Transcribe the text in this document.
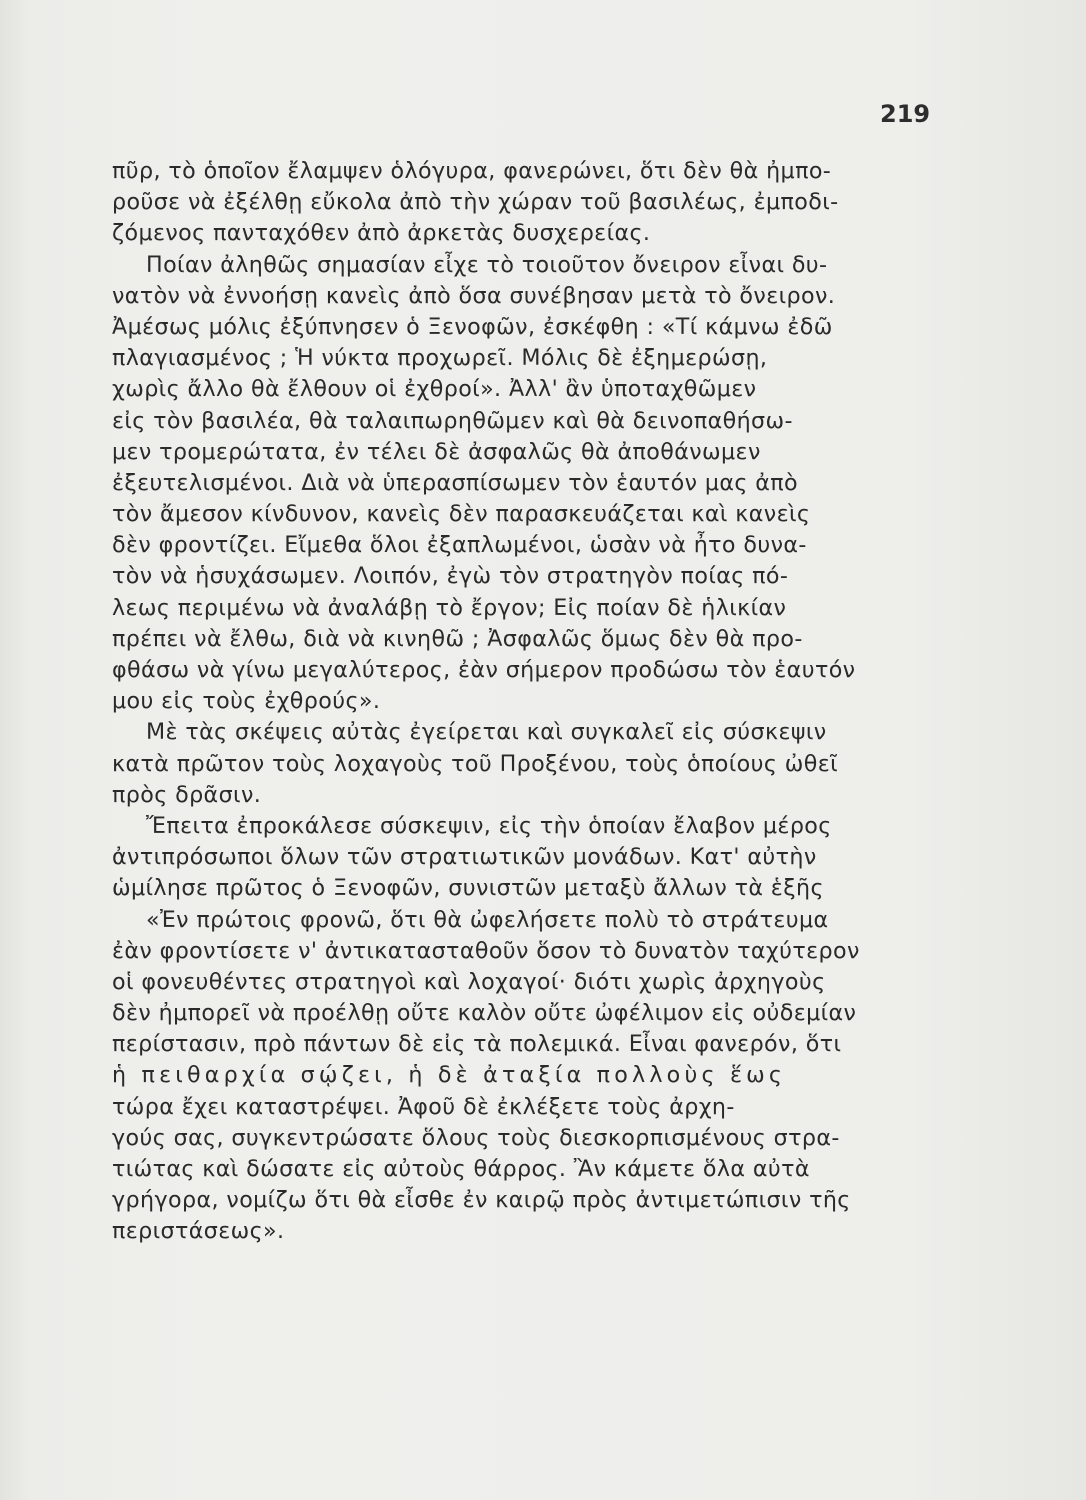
219
πῦρ, τὸ ὁποῖον ἔλαμψεν ὁλόγυρα, φανερώνει, ὅτι δὲν θὰ ἠμπο-
ροῦσε νὰ ἐξέλθῃ εὔκολα ἀπὸ τὴν χώραν τοῦ βασιλέως, ἐμποδι-
ζόμενος πανταχόθεν ἀπὸ ἀρκετὰς δυσχερείας.
Ποίαν ἀληθῶς σημασίαν εἶχε τὸ τοιοῦτον ὄνειρον εἶναι δυ-
νατὸν νὰ ἐννοήσῃ κανεὶς ἀπὸ ὅσα συνέβησαν μετὰ τὸ ὄνειρον.
Ἀμέσως μόλις ἐξύπνησεν ὁ Ξενοφῶν, ἐσκέφθη : «Τί κάμνω ἐδῶ
πλαγιασμένος ; Ἡ νύκτα προχωρεῖ. Μόλις δὲ ἐξημερώσῃ,
χωρὶς ἄλλο θὰ ἔλθουν οἱ ἐχθροί». Ἀλλ' ἂν ὑποταχθῶμεν
εἰς τὸν βασιλέα, θὰ ταλαιπωρηθῶμεν καὶ θὰ δεινοπαθήσω-
μεν τρομερώτατα, ἐν τέλει δὲ ἀσφαλῶς θὰ ἀποθάνωμεν
ἐξευτελισμένοι. Διὰ νὰ ὑπερασπίσωμεν τὸν ἑαυτόν μας ἀπὸ
τὸν ἄμεσον κίνδυνον, κανεὶς δὲν παρασκευάζεται καὶ κανεὶς
δὲν φροντίζει. Εἴμεθα ὅλοι ἐξαπλωμένοι, ὡσὰν νὰ ἦτο δυνα-
τὸν νὰ ἡσυχάσωμεν. Λοιπόν, ἐγὼ τὸν στρατηγὸν ποίας πό-
λεως περιμένω νὰ ἀναλάβῃ τὸ ἔργον; Εἰς ποίαν δὲ ἡλικίαν
πρέπει νὰ ἔλθω, διὰ νὰ κινηθῶ ; Ἀσφαλῶς ὅμως δὲν θὰ προ-
φθάσω νὰ γίνω μεγαλύτερος, ἐὰν σήμερον προδώσω τὸν ἑαυτόν
μου εἰς τοὺς ἐχθρούς».
Μὲ τὰς σκέψεις αὐτὰς ἐγείρεται καὶ συγκαλεῖ εἰς σύσκεψιν
κατὰ πρῶτον τοὺς λοχαγοὺς τοῦ Προξένου, τοὺς ὁποίους ὠθεῖ
πρὸς δρᾶσιν.
Ἔπειτα ἐπροκάλεσε σύσκεψιν, εἰς τὴν ὁποίαν ἔλαβον μέρος
ἀντιπρόσωποι ὅλων τῶν στρατιωτικῶν μονάδων. Κατ' αὐτὴν
ὡμίλησε πρῶτος ὁ Ξενοφῶν, συνιστῶν μεταξὺ ἄλλων τὰ ἑξῆς
«Ἐν πρώτοις φρονῶ, ὅτι θὰ ὠφελήσετε πολὺ τὸ στράτευμα
ἐὰν φροντίσετε ν' ἀντικατασταθοῦν ὅσον τὸ δυνατὸν ταχύτερον
οἱ φονευθέντες στρατηγοὶ καὶ λοχαγοί· διότι χωρὶς ἀρχηγοὺς
δὲν ἠμπορεῖ νὰ προέλθῃ οὔτε καλὸν οὔτε ὠφέλιμον εἰς οὐδεμίαν
περίστασιν, πρὸ πάντων δὲ εἰς τὰ πολεμικά. Εἶναι φανερόν, ὅτι
ἡ πειθαρχία σῴζει, ἡ δὲ ἀταξία πολλοὺς ἕως
τώρα ἔχει καταστρέψει. Ἀφοῦ δὲ ἐκλέξετε τοὺς ἀρχη-
γούς σας, συγκεντρώσατε ὅλους τοὺς διεσκορπισμένους στρα-
τιώτας καὶ δώσατε εἰς αὐτοὺς θάρρος. Ἂν κάμετε ὅλα αὐτὰ
γρήγορα, νομίζω ὅτι θὰ εἶσθε ἐν καιρῷ πρὸς ἀντιμετώπισιν τῆς
περιστάσεως».
